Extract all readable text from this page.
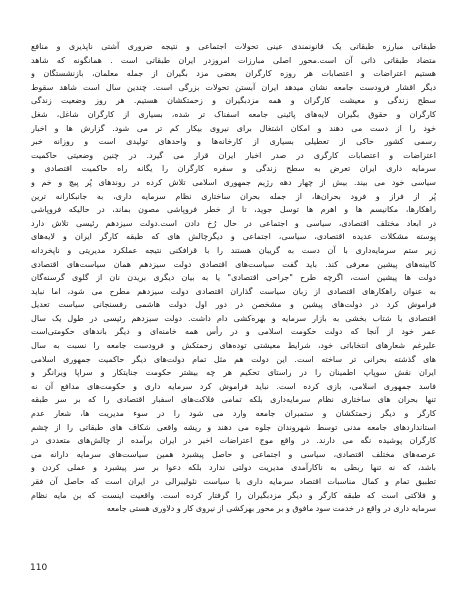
طبقاتی مبارزه طبقاتی یک قانونمندی عینی تحولات اجتماعی و نتیجه ضروری آشتی ناپذیری و منافع
متضاد طبقاتی ذاتی آن است.محور اصلی مبارزات امروزدر ایران طبقاتی است . همانگونه که شاهد
هستیم اعتراضات و اعتصابات هر روزه کارگران بعضی مزد بگیران از جمله معلمان، بازنشستگان و
دیگر اقشار فرودست جامعه نشان میدهد ایران آبستن تحولات بزرگی است. چندین سال است شاهد سقوط
سطح زندگی و معیشت کارگران و همه مزدبگیران و زحمتکشان هستیم. هر روز وضعیت زندگی
کارگران و حقوق بگیران لایه‌های پائینی جامعه اسفناک تر شده، بسیاری از کارگران شاغل، شغل
خود را از دست می دهند و امکان اشتغال برای نیروی بیکار کم تر می شود. گزارش ها و اخبار
رسمی کشور حاکی از تعطیلی بسیاری از کارخانه‌ها و واحدهای تولیدی است و روزانه خبر
اعتراضات و اعتصابات کارگری در صدر اخبار ایران قرار می گیرد. در چنین وضعیتی حاکمیت
سرمایه داری ایران تعرض به سطح زندگی و سفره کارگران را یگانه راه حاکمیت اقتصادی و
سیاسی خود می بیند. بیش از چهار دهه رژیم جمهوری اسلامی تلاش کرده در روندهای پُر پیچ و خم و
پُر از فراز و فرود بحران‌ها، از جمله بحران ساختاری نظام سرمایه داری، به جانبکارانه ترین
راهکارها، مکانیسم ها و اهرم ها توسل جوید، تا از خطر فروپاشی مصون بماند، در حالیکه فروپاشی
در ابعاد مختلف اقتصادی، سیاسی و اجتماعی در حال رُخ دادن است.دولت سیزدهم رئیسی تلاش دارد
پوسته مشکلات عدیده اقتصادی، سیاسی، اجتماعی و دیگرچالش های که طبقه کارگر ایران و لایه‌های
زیر ستم سرمایه‌داری با آن دست به گریبان هستند را با قرافکنی نتیجه عملکرد مدیریتی و ناپخردانه
کابینه‌های پیشین معرفی کند. باید گفت سیاست‌های اقتصادی دولت سیزدهم همان سیاست‌های اقتصادی
دولت ها پیشین است، اگرچه طرح "جراحی اقتصادی" یا به بیان دیگری بریدن نان از گلوی گرسنه‌گان
به عنوان راهکارهای اقتصادی از زبان سیاست گذاران اقتصادی دولت سیزدهم مطرح می شود، اما نباید
فراموش کرد در دولت‌های پیشین و مشخصن در دور اول دولت هاشمی رفسنجانی سیاست تعدیل
اقتصادی با شتاب بخشی به بازار سرمایه و بهره‌کشی دام داشت. دولت سیزدهم رئیسی در طول یک سال
عمر خود از آنجا که دولت حکومت اسلامی و در رأس همه خامنه‌ای و دیگر باندهای حکومتی‌است
علیرغم شعارهای انتخاباتی خود، شرایط معیشتی توده‌های زحمتکش و فرودست جامعه را نسبت به سال
های گذشته بحرانی تر ساخته است. این دولت هم مثل تمام دولت‌های دیگر حاکمیت جمهوری اسلامی
ایران نقش سوپاپ اطمینان را در راستای تحکیم هر چه بیشتر حکومت جنایتکار و سراپا ویرانگر و
فاسد جمهوری اسلامی، بازی کرده است. نباید فراموش کرد سرمایه داری و حکومت‌های مدافع آن نه
تنها بحران های ساختاری نظام سرمایه‌داری بلکه تمامی فلاکت‌های اسفبار اقتصادی را که بر سر طبقه
کارگر و دیگر زحمتکشان و ستمبران جامعه وارد می شود را در سوء مدیریت ها، شعار عدم
استانداردهای جامعه مدنی توسط شهروندان جلوه می دهند و ریشه واقعی شکاف های طبقاتی را از چشم
کارگران پوشیده نگه می دارند. در واقع موج اعتراضات اخیر در ایران برآمده از چالش‌های متعددی در
عرصه‌های مختلف اقتصادی، سیاسی و اجتماعی و حاصل پیشبرد همین سیاست‌های سرمایه دارانه می
باشد، که نه تنها ربطی به ناکارآمدی مدیریت دولتی ندارد بلکه دعوا بر سر پیشبرد و عملی کردن و
تطبیق تمام و کمال مناسبات اقتصاد سرمایه داری با سیاست نئولیبرالی در ایران است که حاصل آن فقر
و فلاکتی است که طبقه کارگر و دیگر مزدبگیران را گرفتار کرده است. واقعیت اینست که بن مایه نظام
سرمایه داری در واقع در خدمت سود مافوق و بر محور بهرکشی از نیروی کار و دلاوری هستی جامعه
110
